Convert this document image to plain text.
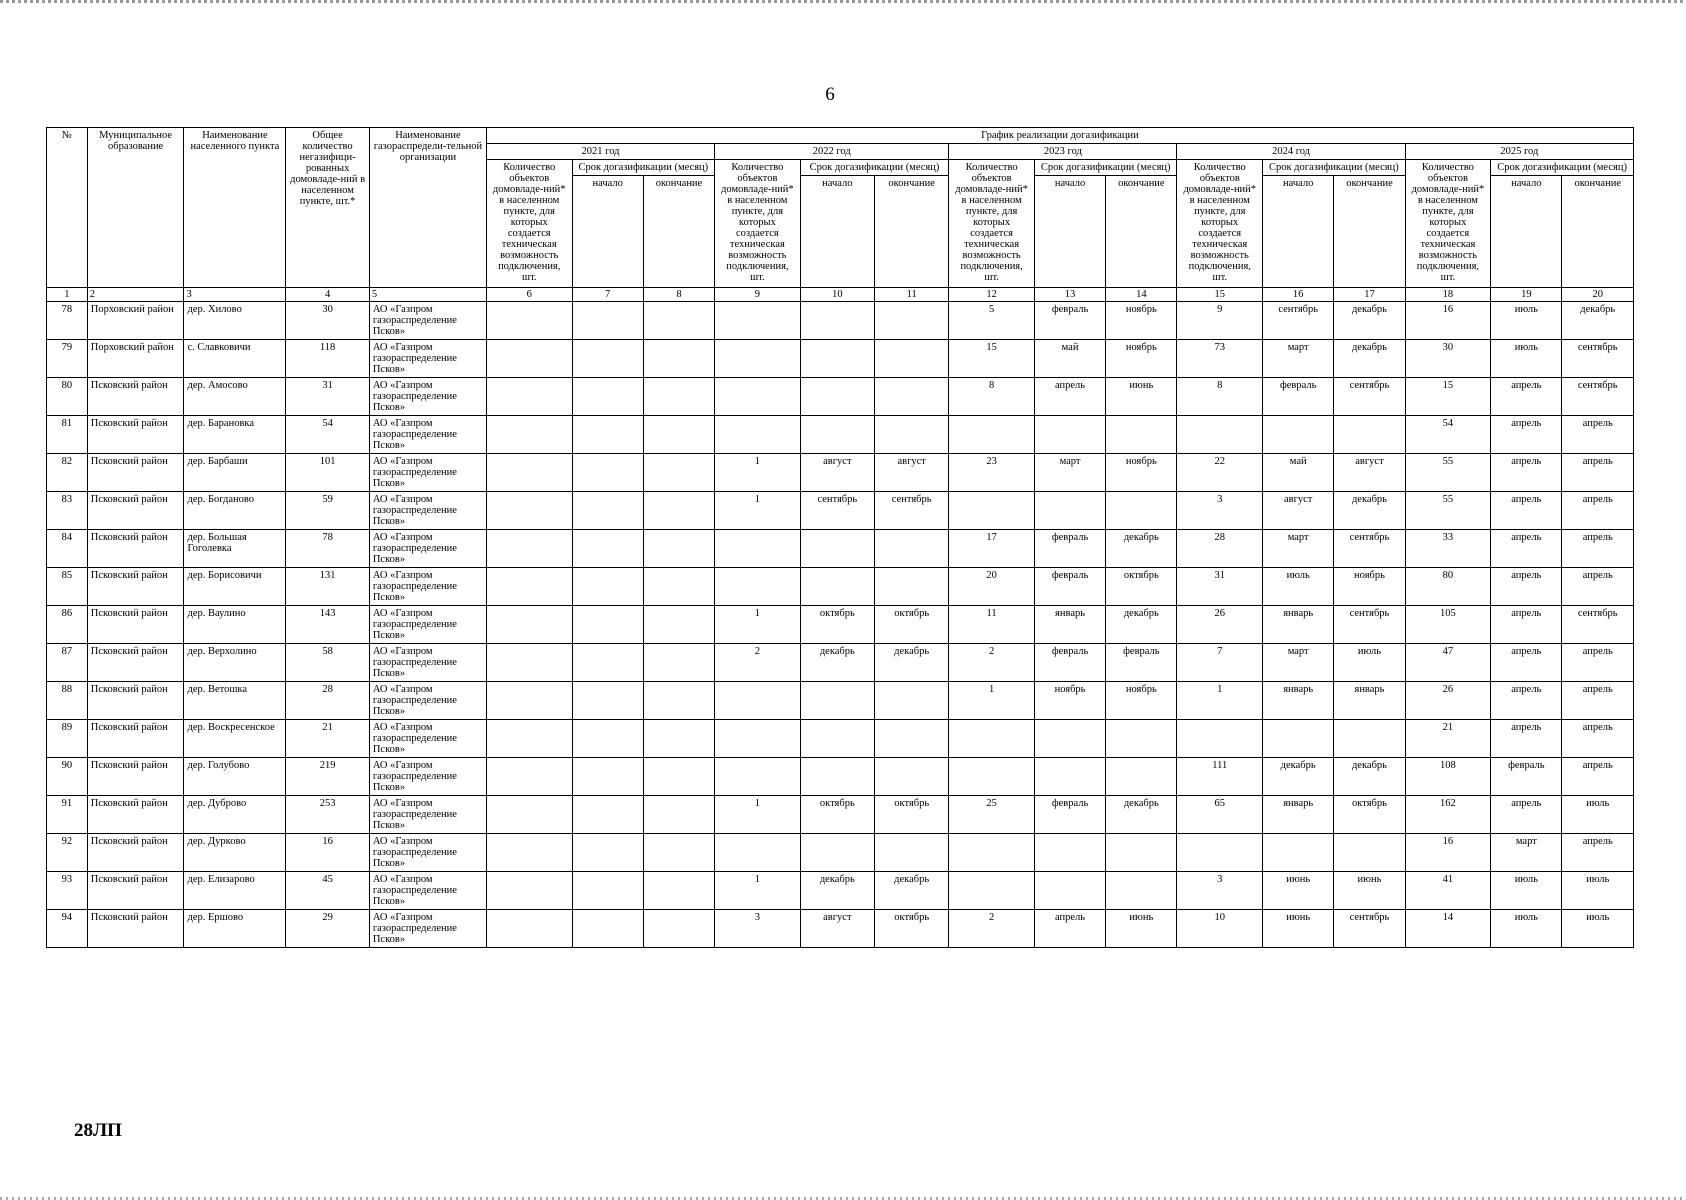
6
№	Муниципальное образование	Наименование населенного пункта	Общее количество негазифици-рованных домовладе-ний в населенном пункте, шт.*	Наименование газораспредели-тельной организации	График реализации догазификации														
					2021 год			2022 год			2023 год			2024 год			2025 год		
					Количество объектов домовладе-ний* в населенном пункте, для которых создается техническая возможность подключения, шт.	Срок догазификации (месяц)		Количество объектов домовладе-ний* в населенном пункте, для которых создается техническая возможность подключения, шт.	Срок догазификации (месяц)		Количество объектов домовладе-ний* в населенном пункте, для которых создается техническая возможность подключения, шт.	Срок догазификации (месяц)		Количество объектов домовладе-ний* в населенном пункте, для которых создается техническая возможность подключения, шт.	Срок догазификации (месяц)		Количество объектов домовладе-ний* в населенном пункте, для которых создается техническая возможность подключения, шт.	Срок догазификации (месяц)	
						начало	окончание		начало	окончание		начало	окончание		начало	окончание		начало	окончание
1	2	3	4	5	6	7	8	9	10	11	12	13	14	15	16	17	18	19	20
78	Порховский район	дер. Хилово	30	АО «Газпром газораспределение Псков»							5	февраль	ноябрь	9	сентябрь	декабрь	16	июль	декабрь
79	Порховский район	с. Славковичи	118	АО «Газпром газораспределение Псков»							15	май	ноябрь	73	март	декабрь	30	июль	сентябрь
80	Псковский район	дер. Амосово	31	АО «Газпром газораспределение Псков»							8	апрель	июнь	8	февраль	сентябрь	15	апрель	сентябрь
81	Псковский район	дер. Барановка	54	АО «Газпром газораспределение Псков»													54	апрель	апрель
82	Псковский район	дер. Барбаши	101	АО «Газпром газораспределение Псков»				1	август	август	23	март	ноябрь	22	май	август	55	апрель	апрель
83	Псковский район	дер. Богданово	59	АО «Газпром газораспределение Псков»				1	сентябрь	сентябрь				3	август	декабрь	55	апрель	апрель
84	Псковский район	дер. Большая Гоголевка	78	АО «Газпром газораспределение Псков»							17	февраль	декабрь	28	март	сентябрь	33	апрель	апрель
85	Псковский район	дер. Борисовичи	131	АО «Газпром газораспределение Псков»							20	февраль	октябрь	31	июль	ноябрь	80	апрель	апрель
86	Псковский район	дер. Ваулино	143	АО «Газпром газораспределение Псков»				1	октябрь	октябрь	11	январь	декабрь	26	январь	сентябрь	105	апрель	сентябрь
87	Псковский район	дер. Верхолино	58	АО «Газпром газораспределение Псков»				2	декабрь	декабрь	2	февраль	февраль	7	март	июль	47	апрель	апрель
88	Псковский район	дер. Ветошка	28	АО «Газпром газораспределение Псков»							1	ноябрь	ноябрь	1	январь	январь	26	апрель	апрель
89	Псковский район	дер. Воскресенское	21	АО «Газпром газораспределение Псков»													21	апрель	апрель
90	Псковский район	дер. Голубово	219	АО «Газпром газораспределение Псков»										111	декабрь	декабрь	108	февраль	апрель
91	Псковский район	дер. Дуброво	253	АО «Газпром газораспределение Псков»				1	октябрь	октябрь	25	февраль	декабрь	65	январь	октябрь	162	апрель	июль
92	Псковский район	дер. Дурково	16	АО «Газпром газораспределение Псков»													16	март	апрель
93	Псковский район	дер. Елизарово	45	АО «Газпром газораспределение Псков»				1	декабрь	декабрь				3	июнь	июнь	41	июль	июль
94	Псковский район	дер. Ершово	29	АО «Газпром газораспределение Псков»				3	август	октябрь	2	апрель	июнь	10	июнь	сентябрь	14	июль	июль
28ЛП
